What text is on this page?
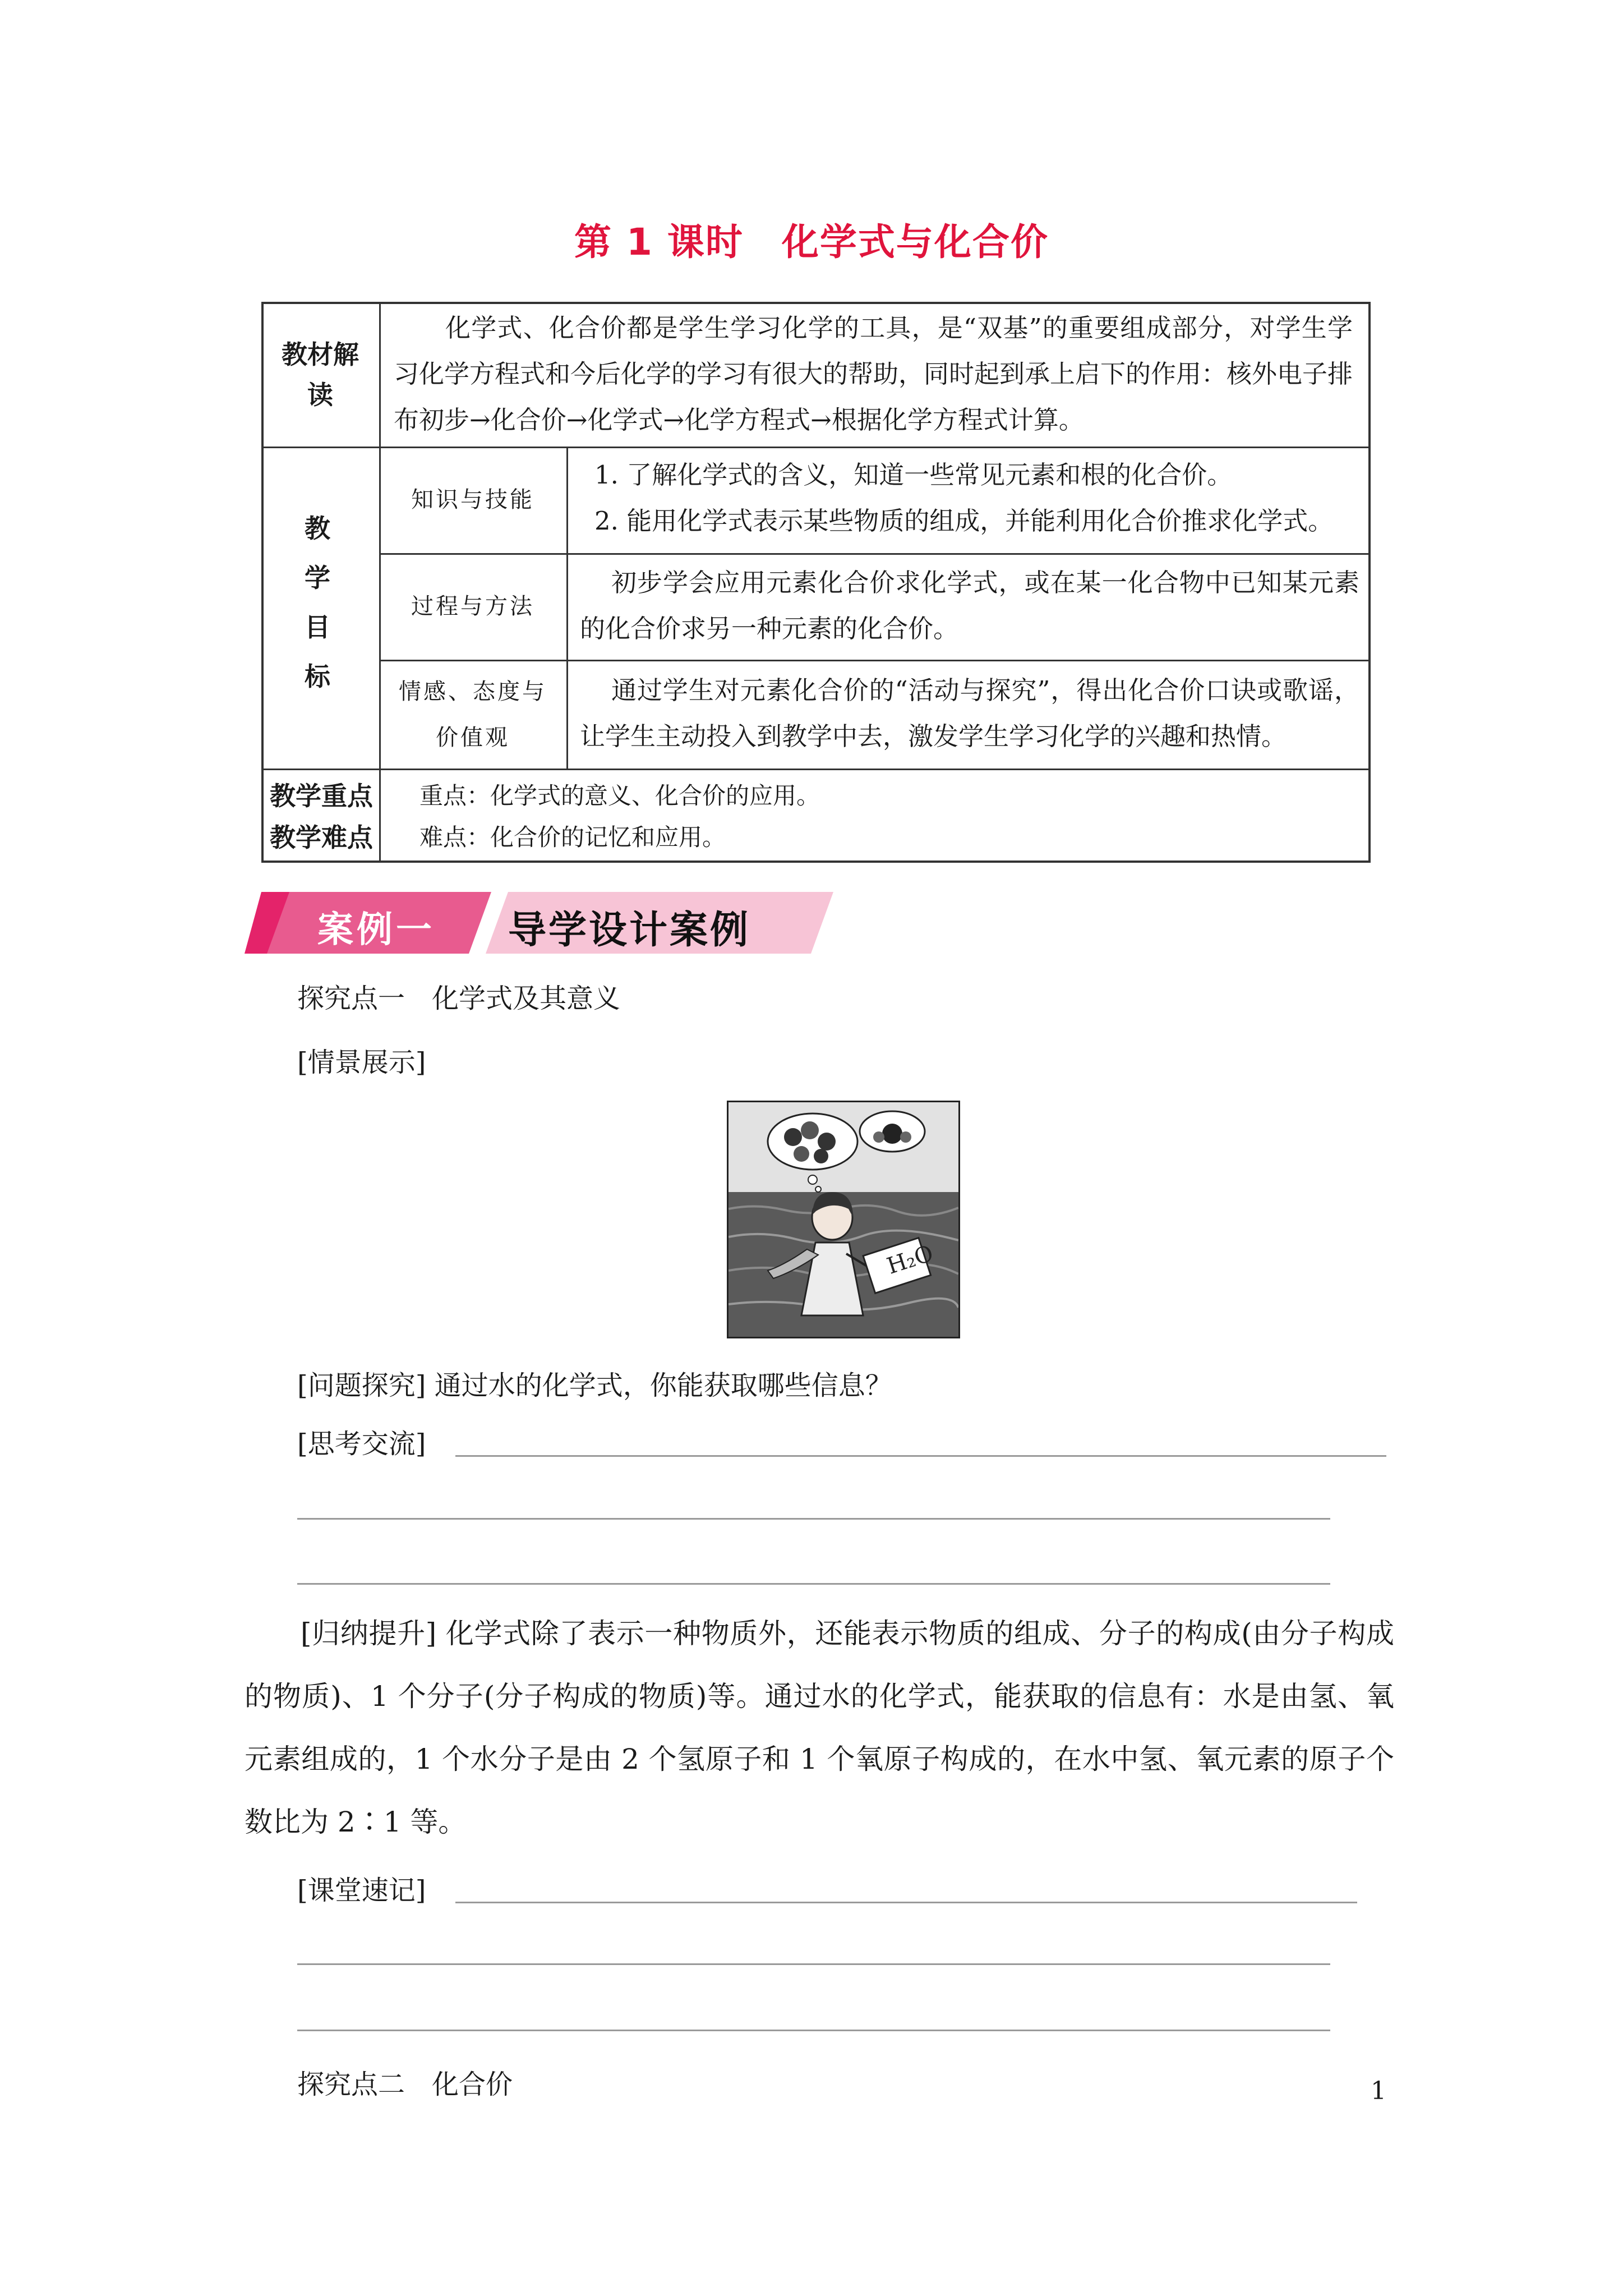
第 1 课时　化学式与化合价
教材解读
化学式、化合价都是学生学习化学的工具，是“双基”的重要组成部分，对学生学习化学方程式和今后化学的学习有很大的帮助，同时起到承上启下的作用：核外电子排布初步→化合价→化学式→化学方程式→根据化学方程式计算。
教学目标
知识与技能
1. 了解化学式的含义，知道一些常见元素和根的化合价。
2. 能用化学式表示某些物质的组成，并能利用化合价推求化学式。
过程与方法
初步学会应用元素化合价求化学式，或在某一化合物中已知某元素的化合价求另一种元素的化合价。
情感、态度与价值观
通过学生对元素化合价的“活动与探究”，得出化合价口诀或歌谣，让学生主动投入到教学中去，激发学生学习化学的兴趣和热情。
教学重点
教学难点
重点：化学式的意义、化合价的应用。
难点：化合价的记忆和应用。
案例一 导学设计案例
探究点一　化学式及其意义
[情景展示]
H₂O
[问题探究] 通过水的化学式，你能获取哪些信息？
[思考交流]
[归纳提升] 化学式除了表示一种物质外，还能表示物质的组成、分子的构成(由分子构成的物质)、1 个分子(分子构成的物质)等。通过水的化学式，能获取的信息有：水是由氢、氧元素组成的，1 个水分子是由 2 个氢原子和 1 个氧原子构成的，在水中氢、氧元素的原子个数比为 2∶1 等。
[课堂速记]
探究点二　化合价	1
